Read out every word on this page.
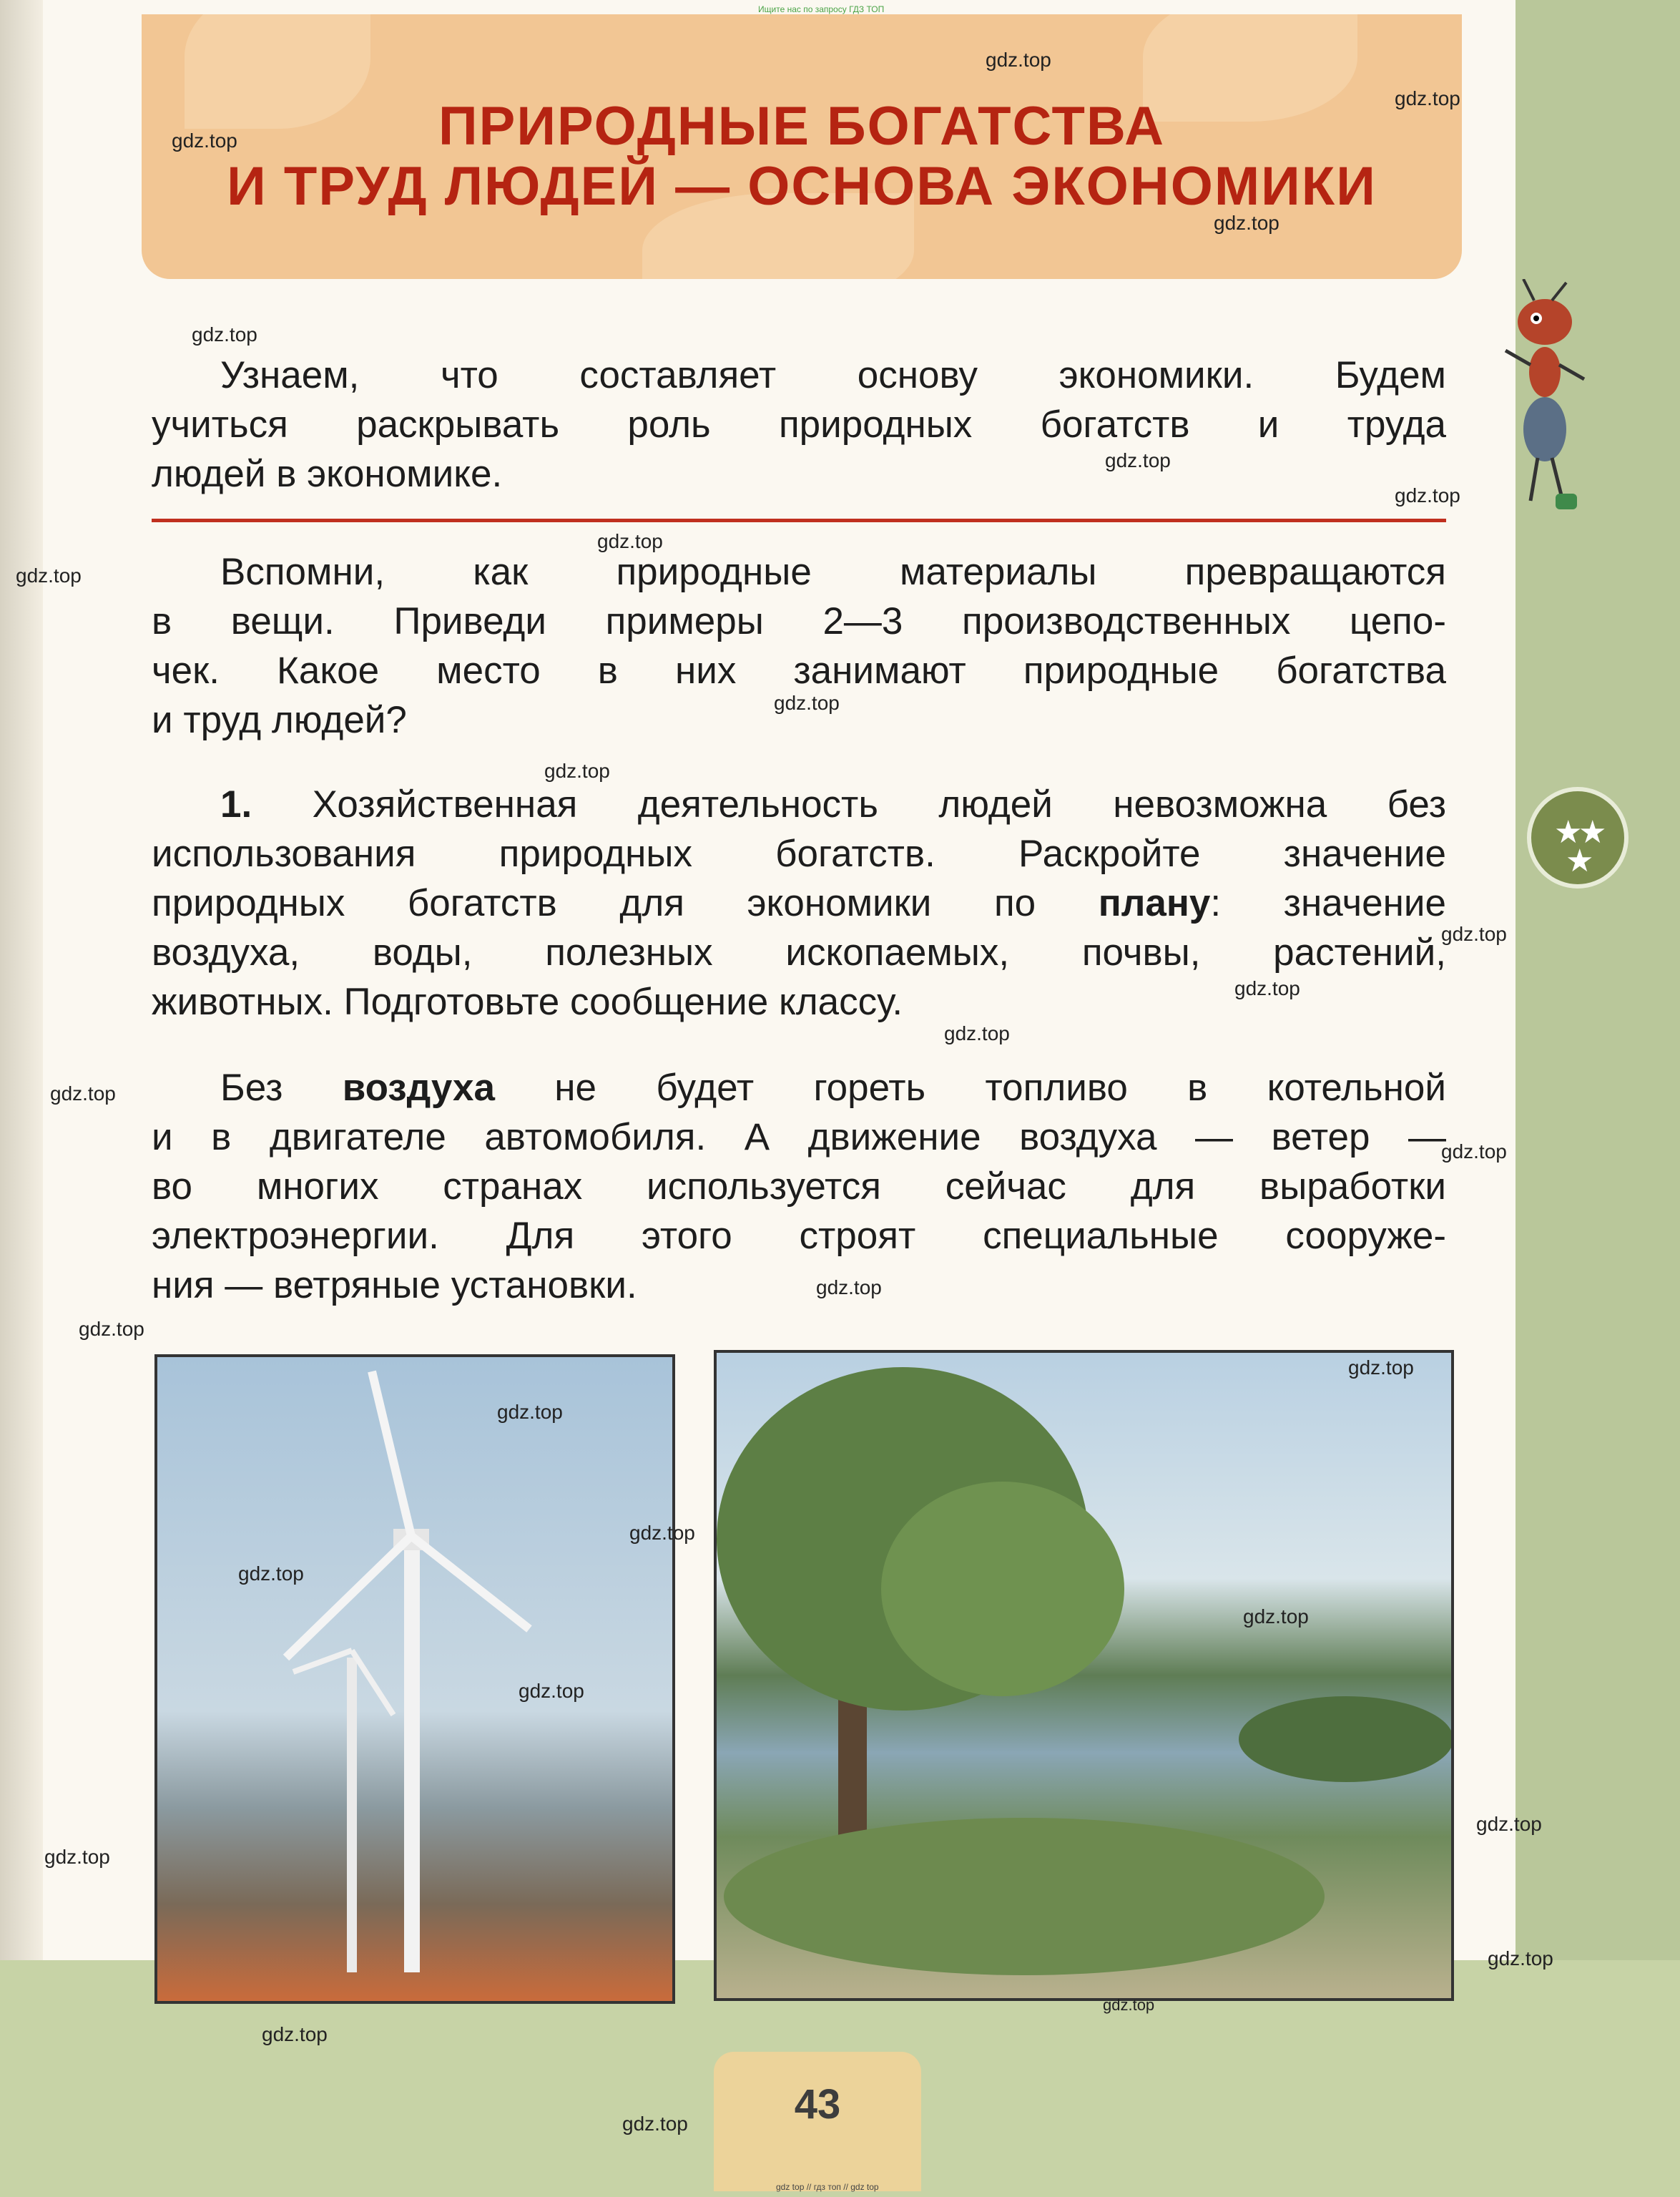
Ищите нас по запросу ГДЗ ТОП
ПРИРОДНЫЕ БОГАТСТВА
И ТРУД ЛЮДЕЙ — ОСНОВА ЭКОНОМИКИ
Узнаем, что составляет основу экономики. Будем
учиться раскрывать роль природных богатств и труда
людей в экономике.
Вспомни, как природные материалы превращаются
в вещи. Приведи примеры 2—3 производственных цепо-
чек. Какое место в них занимают природные богатства
и труд людей?
1. Хозяйственная деятельность людей невозможна без
использования природных богатств. Раскройте значение
природных богатств для экономики по плану: значение
воздуха, воды, полезных ископаемых, почвы, растений,
животных. Подготовьте сообщение классу.
Без воздуха не будет гореть топливо в котельной
и в двигателе автомобиля. А движение воздуха — ветер —
во многих странах используется сейчас для выработки
электроэнергии. Для этого строят специальные сооруже-
ния — ветряные установки.
★
★
★
43
gdz.top
gdz.top
gdz.top
gdz.top
gdz.top
gdz.top
gdz.top
gdz.top
gdz.top
gdz.top
gdz.top
gdz.top
gdz.top
gdz.top
gdz.top
gdz.top
gdz.top
gdz.top
gdz.top
gdz.top
gdz.top
gdz.top
gdz.top
gdz.top
gdz.top
gdz.top
gdz.top
gdz.top
gdz.top
gdz.top
gdz top // гдз топ // gdz top
